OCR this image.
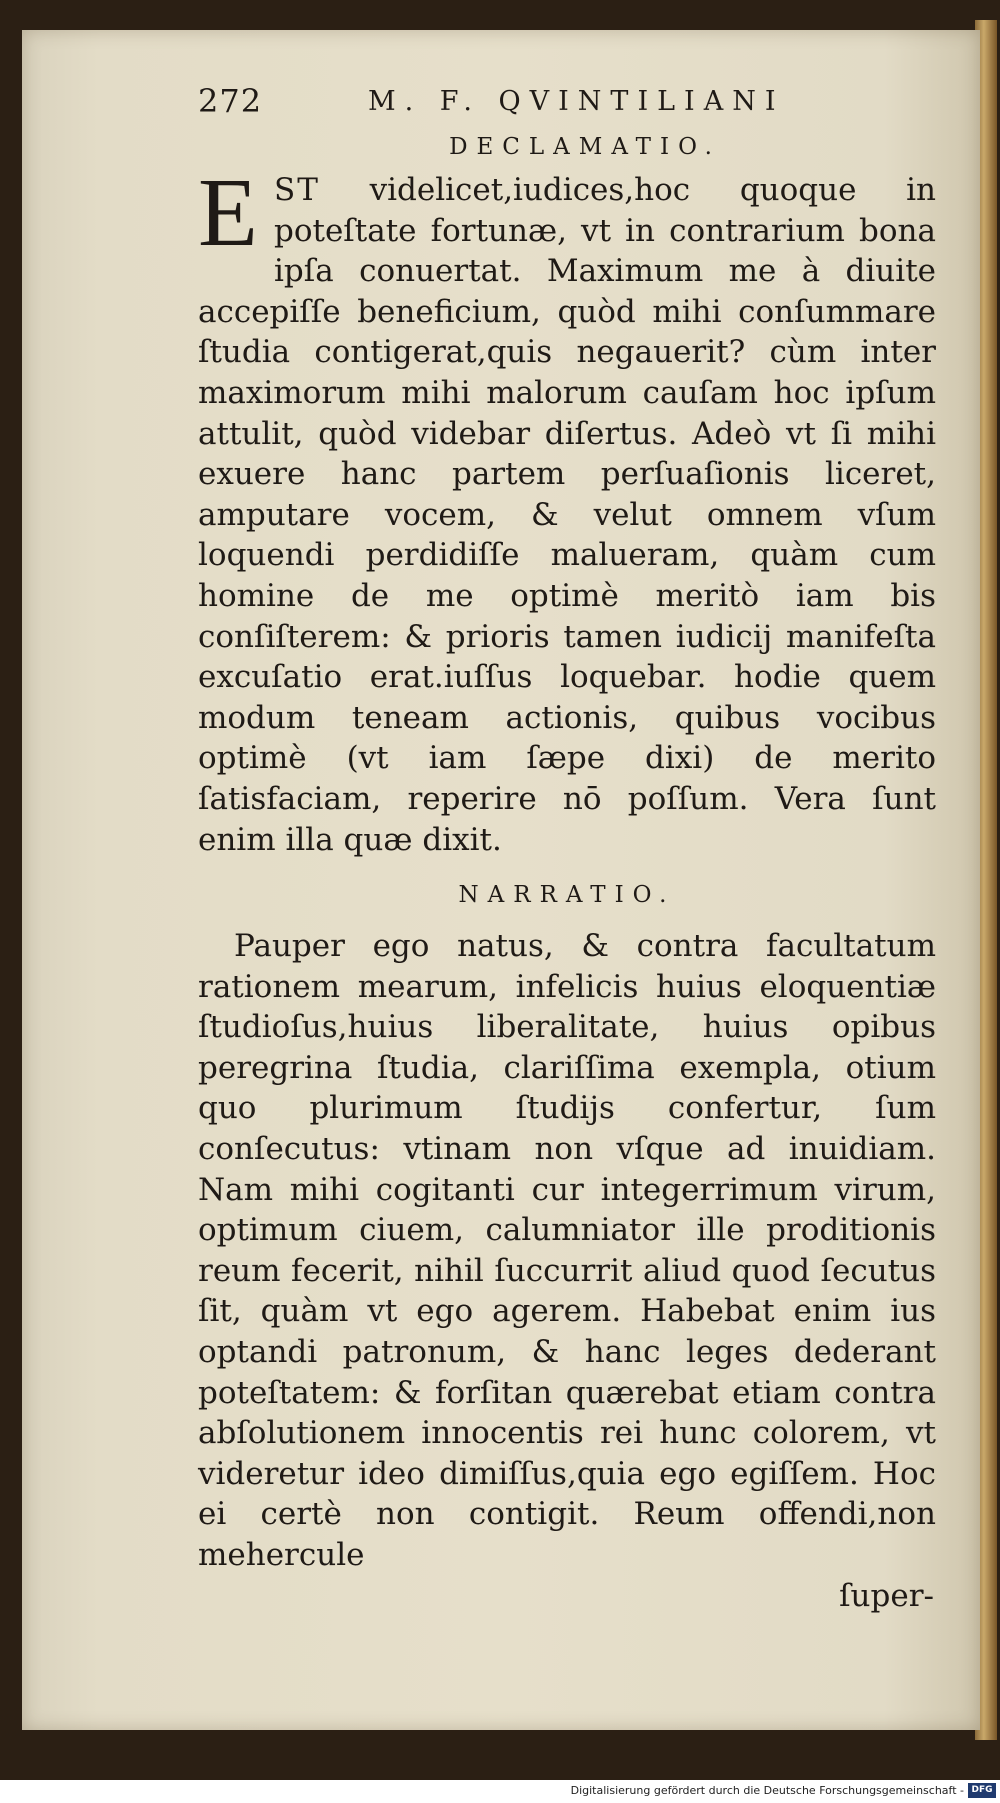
272	M. F. QVINTILIANI
DECLAMATIO.
EST videlicet,iudices,hoc quoque in poteſtate fortunæ, vt in contrarium bona ipſa conuertat. Maximum me à diuite accepiſſe beneficium, quòd mihi conſummare ſtudia contigerat,quis negauerit? cùm inter maximorum mihi malorum cauſam hoc ipſum attulit, quòd videbar diſertus. Adeò vt ſi mihi exuere hanc partem perſuaſionis liceret, amputare vocem, & velut omnem vſum loquendi perdidiſſe malueram, quàm cum homine de me optimè meritò iam bis conſiſterem: & prioris tamen iudicij manifeſta excuſatio erat.iuſſus loquebar. hodie quem modum teneam actionis, quibus vocibus optimè (vt iam ſæpe dixi) de merito ſatisfaciam, reperire nō poſſum. Vera ſunt enim illa quæ dixit.
NARRATIO.
Pauper ego natus, & contra facultatum rationem mearum, infelicis huius eloquentiæ ſtudioſus,huius liberalitate, huius opibus peregrina ſtudia, clariſſima exempla, otium quo plurimum ſtudijs confertur, ſum conſecutus: vtinam non vſque ad inuidiam. Nam mihi cogitanti cur integerrimum virum, optimum ciuem, calumniator ille proditionis reum fecerit, nihil ſuccurrit aliud quod ſecutus ſit, quàm vt ego agerem. Habebat enim ius optandi patronum, & hanc leges dederant poteſtatem: & forſitan quærebat etiam contra abſolutionem innocentis rei hunc colorem, vt videretur ideo dimiſſus,quia ego egiſſem. Hoc ei certè non contigit. Reum offendi,non mehercule
ſuper-
Digitalisierung gefördert durch die Deutsche Forschungsgemeinschaft - DFG
